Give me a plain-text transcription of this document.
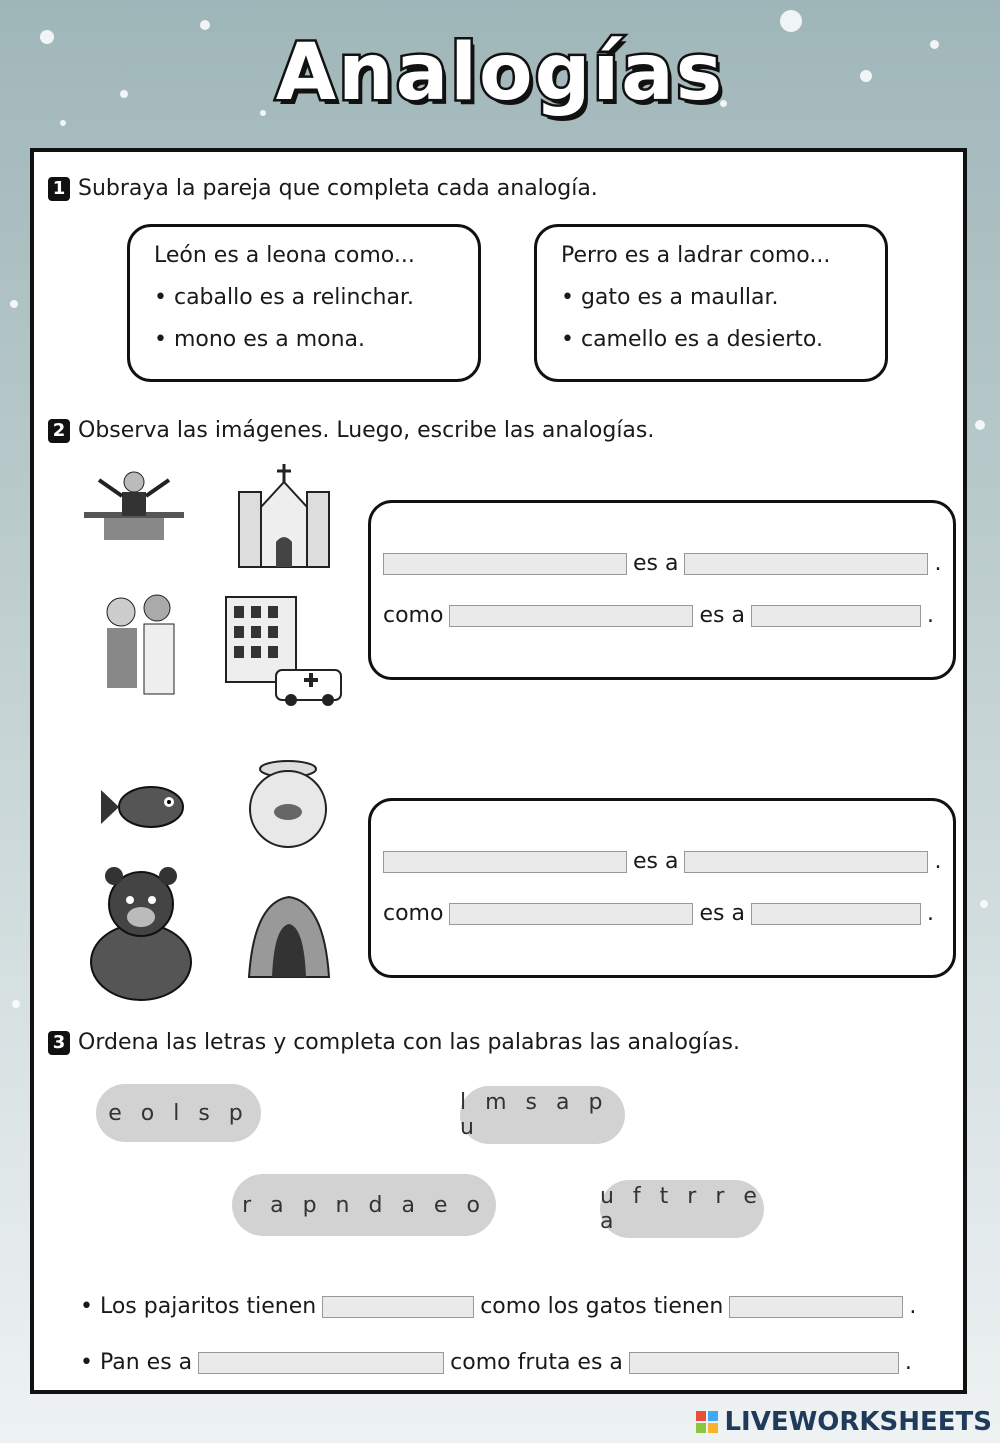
Analogías
1 Subraya la pareja que completa cada analogía.
León es a leona como...
• caballo es a relinchar.
• mono es a mona.
Perro es a ladrar como...
• gato es a maullar.
• camello es a desierto.
2 Observa las imágenes. Luego, escribe las analogías.
es a	.
como	es a	.
es a	.
como	es a	.
3 Ordena las letras y completa con las palabras las analogías.
e o l s p	l m s a p u
r a p n d a e o	u f t r r e a
• Los pajaritos tienen	como los gatos tienen	.
• Pan es a	como fruta es a	.
LIVEWORKSHEETS
